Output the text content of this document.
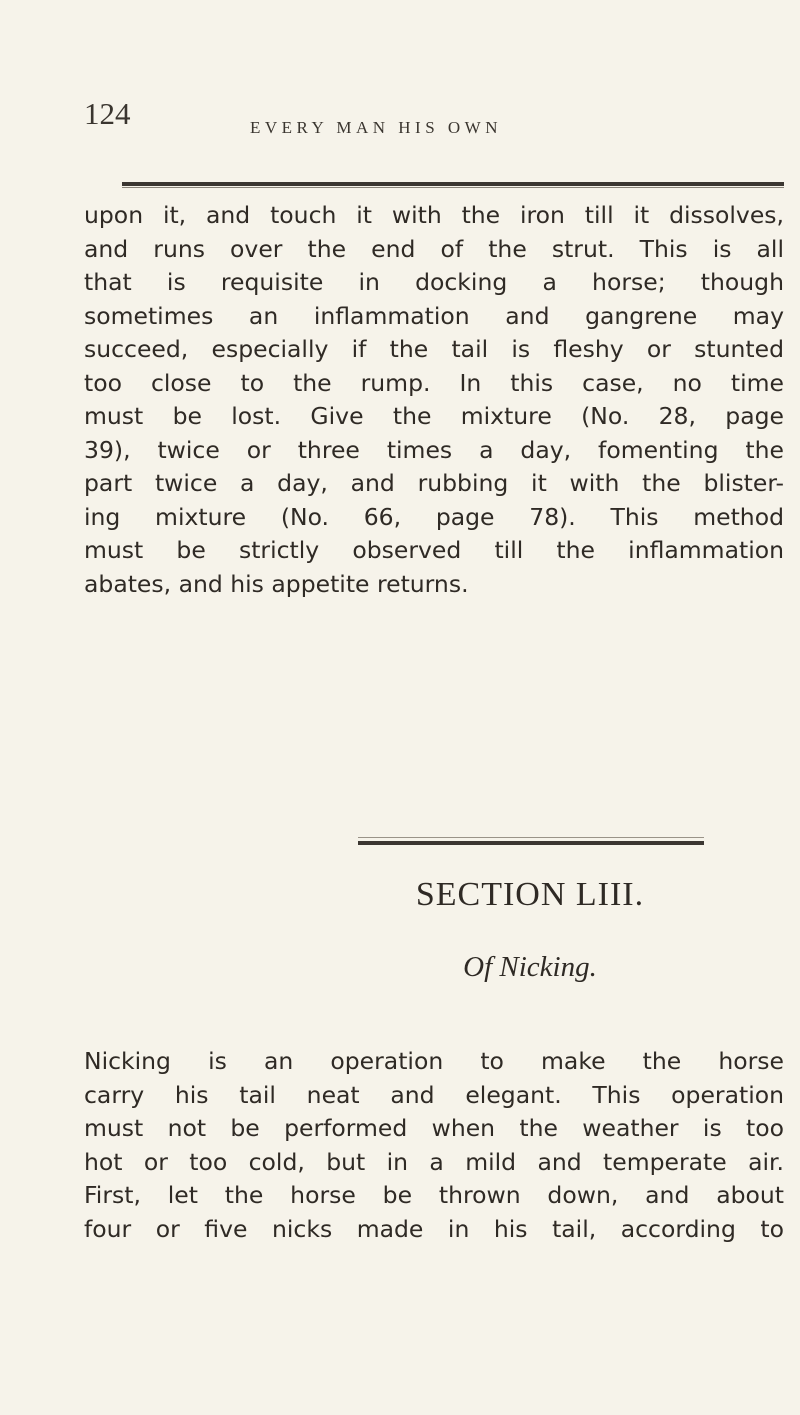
124	EVERY MAN HIS OWN
upon it, and touch it with the iron till it dissolves,
and runs over the end of the strut. This is all
that is requisite in docking a horse; though
sometimes an inflammation and gangrene may
succeed, especially if the tail is fleshy or stunted
too close to the rump. In this case, no time
must be lost. Give the mixture (No. 28, page
39), twice or three times a day, fomenting the
part twice a day, and rubbing it with the blister-
ing mixture (No. 66, page 78). This method
must be strictly observed till the inflammation
abates, and his appetite returns.
SECTION LIII.
Of Nicking.
Nicking is an operation to make the horse
carry his tail neat and elegant. This operation
must not be performed when the weather is too
hot or too cold, but in a mild and temperate air.
First, let the horse be thrown down, and about
four or five nicks made in his tail, according to
